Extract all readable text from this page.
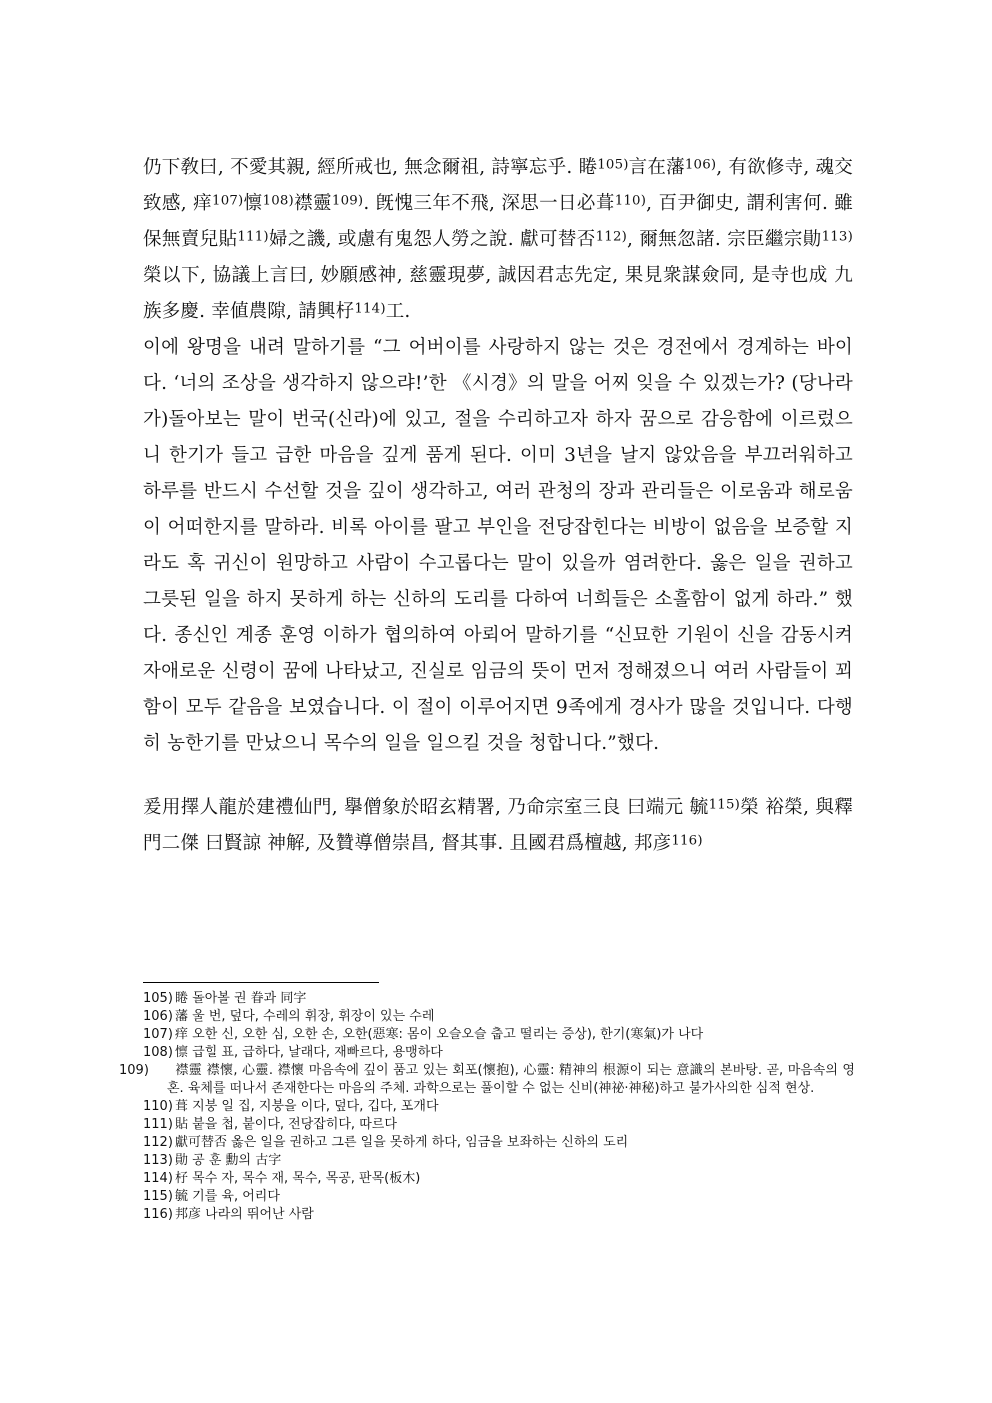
仍下敎曰, 不愛其親, 經所戒也, 無念爾祖, 詩寧忘乎. 睠$^{105)}$言在藩$^{106)}$, 有欲修寺, 魂交致感, 痒$^{107)}$懔$^{108)}$襟靈$^{109)}$. 旣愧三年不飛, 深思一日必葺$^{110)}$, 百尹御史, 謂利害何. 雖保無賣兒貼$^{111)}$婦之譏, 或慮有鬼怨人勞之說. 獻可替否$^{112)}$, 爾無忽諸. 宗臣繼宗勛$^{113)}$榮以下, 協議上言曰, 妙願感神, 慈靈現夢, 誠因君志先定, 果見衆謀僉同, 是寺也成 九族多慶. 幸値農隙, 請興杍$^{114)}$工.

이에 왕명을 내려 말하기를 “그 어버이를 사랑하지 않는 것은 경전에서 경계하는 바이다. ‘너의 조상을 생각하지 않으랴!’한 《시경》의 말을 어찌 잊을 수 있겠는가? (당나라가)돌아보는 말이 번국(신라)에 있고, 절을 수리하고자 하자 꿈으로 감응함에 이르렀으니 한기가 들고 급한 마음을 깊게 품게 된다. 이미 3년을 날지 않았음을 부끄러워하고 하루를 반드시 수선할 것을 깊이 생각하고, 여러 관청의 장과 관리들은 이로움과 해로움이 어떠한지를 말하라. 비록 아이를 팔고 부인을 전당잡힌다는 비방이 없음을 보증할 지라도 혹 귀신이 원망하고 사람이 수고롭다는 말이 있을까 염려한다. 옳은 일을 권하고 그릇된 일을 하지 못하게 하는 신하의 도리를 다하여 너희들은 소홀함이 없게 하라.” 했다. 종신인 계종 훈영 이하가 협의하여 아뢰어 말하기를 “신묘한 기원이 신을 감동시켜 자애로운 신령이 꿈에 나타났고, 진실로 임금의 뜻이 먼저 정해졌으니 여러 사람들이 꾀함이 모두 같음을 보였습니다. 이 절이 이루어지면 9족에게 경사가 많을 것입니다. 다행히 농한기를 만났으니 목수의 일을 일으킬 것을 청합니다.”했다.

爰用擇人龍於建禮仙門, 擧僧象於昭玄精署, 乃命宗室三良 曰端元 毓$^{115)}$榮 裕榮, 與釋門二傑 曰賢諒 神解, 及贊導僧崇昌, 督其事. 且國君爲檀越, 邦彦$^{116)}$

105) 睠 돌아볼 권 眷과 同字
106) 藩 울 번, 덮다, 수레의 휘장, 휘장이 있는 수레
107) 痒 오한 신, 오한 심, 오한 손, 오한(惡寒: 몸이 오슬오슬 춥고 떨리는 증상), 한기(寒氣)가 나다
108) 懔 급힐 표, 급하다, 날래다, 재빠르다, 용맹하다
109) 襟靈 襟懷, 心靈. 襟懷 마음속에 깊이 품고 있는 회포(懷抱), 心靈: 精神의 根源이 되는 意識의 본바탕. 곧, 마음속의 영혼. 육체를 떠나서 존재한다는 마음의 주체. 과학으로는 풀이할 수 없는 신비(神祕‧神秘)하고 불가사의한 심적 현상.
110) 葺 지붕 일 집, 지붕을 이다, 덮다, 깁다, 포개다
111) 貼 붙을 첩, 붙이다, 전당잡히다, 따르다
112) 獻可替否 옳은 일을 권하고 그른 일을 못하게 하다, 임금을 보좌하는 신하의 도리
113) 勛 공 훈 勳의 古字
114) 杍 목수 자, 목수 재, 목수, 목공, 판목(板木)
115) 毓 기를 육, 어리다
116) 邦彦 나라의 뛰어난 사람
